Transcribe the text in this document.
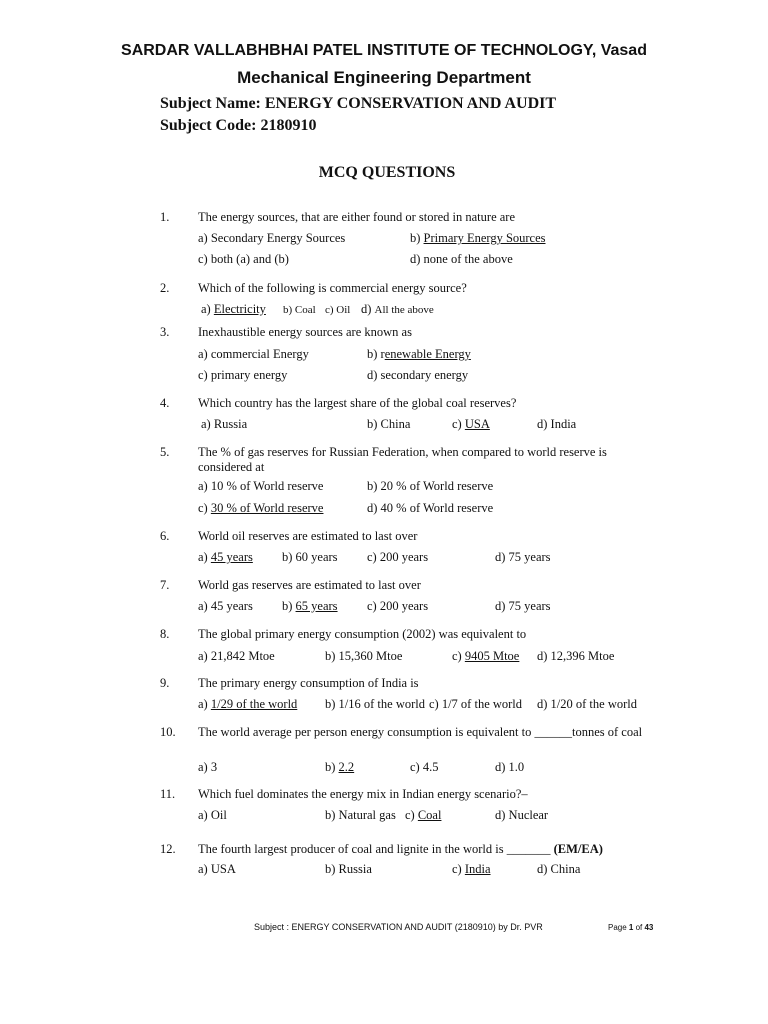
SARDAR VALLABHBHAI PATEL INSTITUTE OF TECHNOLOGY, Vasad
Mechanical Engineering Department
Subject Name: ENERGY CONSERVATION AND AUDIT
Subject Code: 2180910
MCQ QUESTIONS
1. The energy sources, that are either found or stored in nature are
a) Secondary Energy Sources	b) Primary Energy Sources
c) both (a) and (b)	d) none of the above
2. Which of the following is commercial energy source?
a) Electricity b) Coal c) Oil d) All the above
3. Inexhaustible energy sources are known as
a) commercial Energy	b) renewable Energy
c) primary energy	d) secondary energy
4. Which country has the largest share of the global coal reserves?
a) Russia	b) China	c) USA	d) India
5. The % of gas reserves for Russian Federation, when compared to world reserve is considered at
a) 10 % of World reserve	b) 20 % of World reserve
c) 30 % of World reserve	d) 40 % of World reserve
6. World oil reserves are estimated to last over
a) 45 years b) 60 years c) 200 years	d) 75 years
7. World gas reserves are estimated to last over
a) 45 years b) 65 years c) 200 years	d) 75 years
8. The global primary energy consumption (2002) was equivalent to
a) 21,842 Mtoe	b) 15,360 Mtoe	c) 9405 Mtoe d) 12,396 Mtoe
9. The primary energy consumption of India is
a) 1/29 of the world b) 1/16 of the world c) 1/7 of the world d) 1/20 of the world
10. The world average per person energy consumption is equivalent to ______tonnes of coal
a) 3	b) 2.2	c) 4.5	d) 1.0
11. Which fuel dominates the energy mix in Indian energy scenario?–
a) Oil	b) Natural gas c) Coal	d) Nuclear
12. The fourth largest producer of coal and lignite in the world is _______ (EM/EA)
a) USA	b) Russia	c) India	d) China
Subject : ENERGY CONSERVATION AND AUDIT (2180910) by Dr. PVR	Page 1 of 43
